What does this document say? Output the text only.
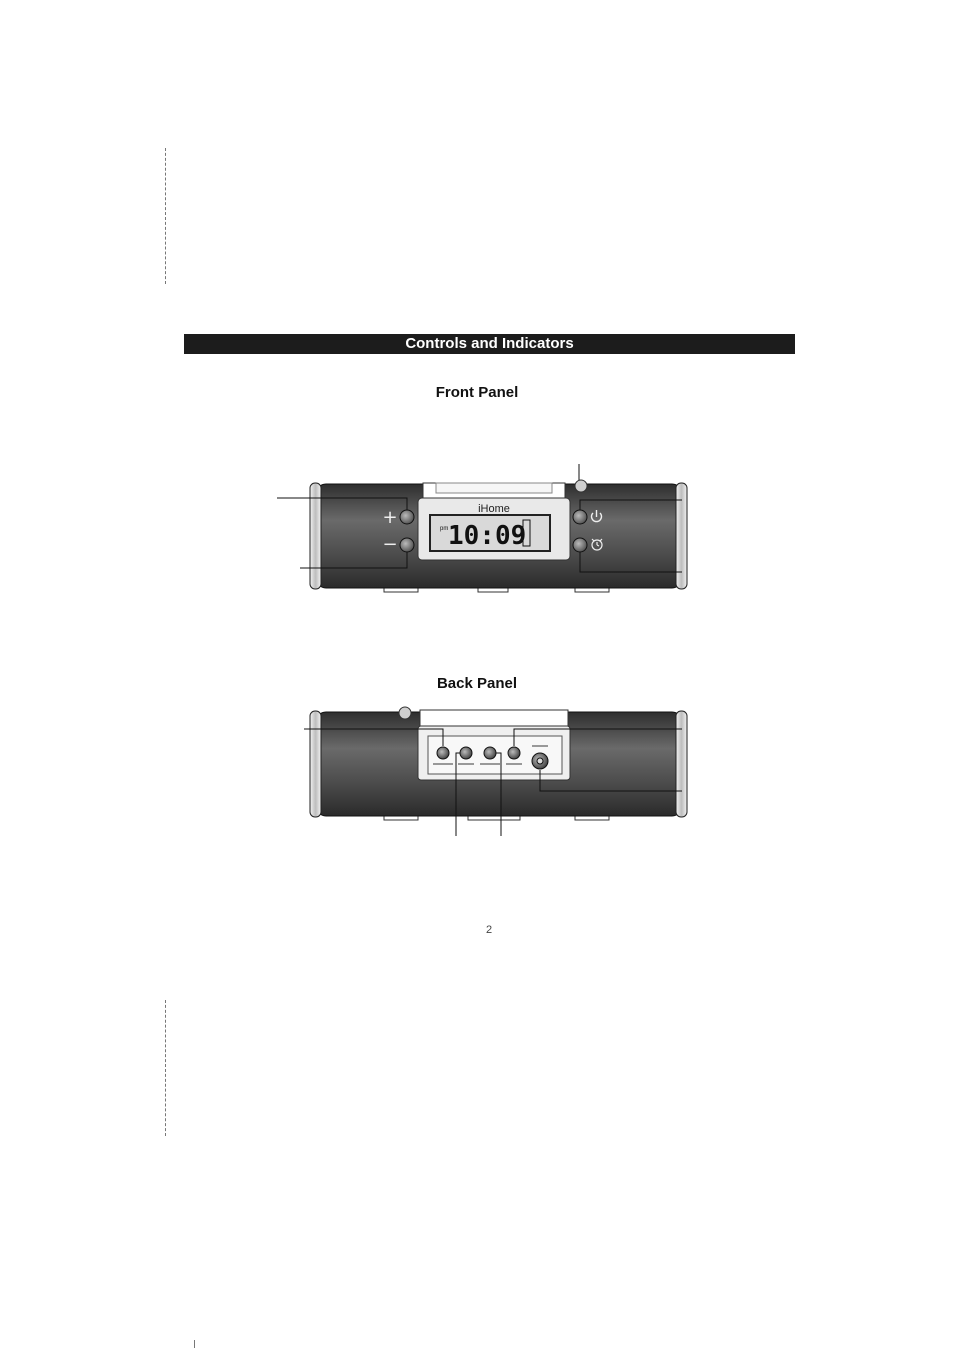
Controls and Indicators
Front Panel
iHome
pm 10:09
+
−
Back Panel
2
